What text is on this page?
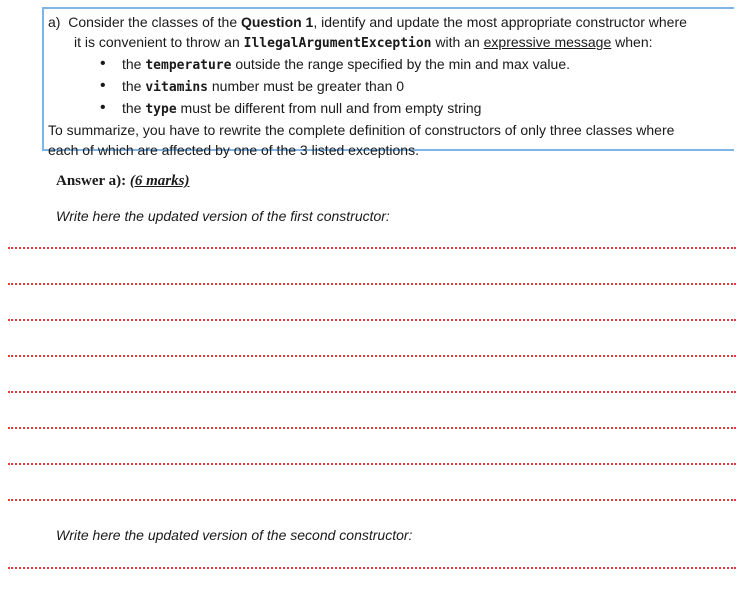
a) Consider the classes of the Question 1, identify and update the most appropriate constructor where

it is convenient to throw an IllegalArgumentException with an expressive message when:

• the temperature outside the range specified by the min and max value.
• the vitamins number must be greater than 0
• the type must be different from null and from empty string

To summarize, you have to rewrite the complete definition of constructors of only three classes where

each of which are affected by one of the 3 listed exceptions.

Answer a): (6 marks)
Write here the updated version of the first constructor:
Write here the updated version of the second constructor:
